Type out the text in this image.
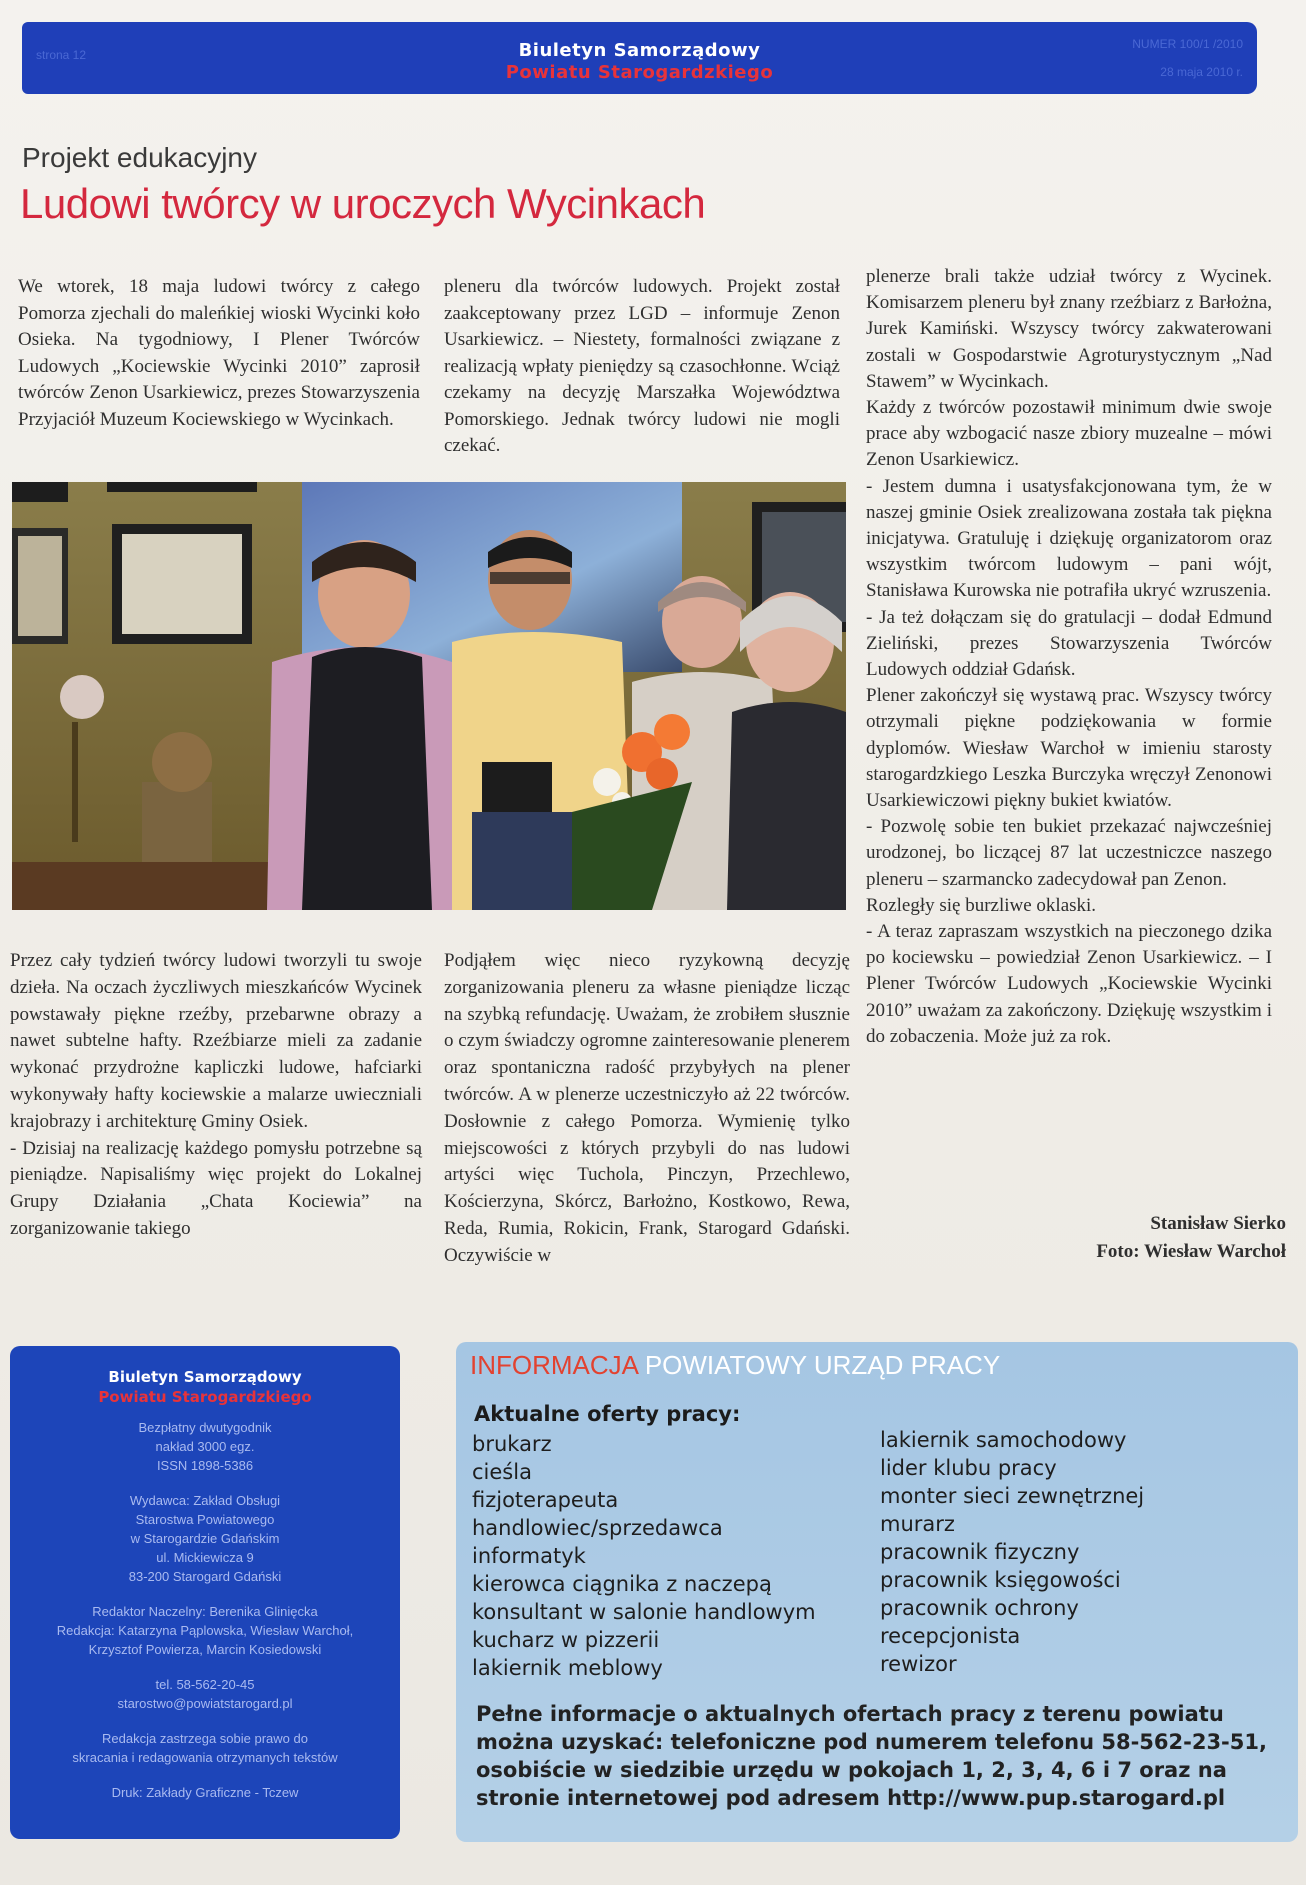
strona 12	Biuletyn Samorządowy
Powiatu Starogardzkiego
NUMER 100/1 /2010
28 maja 2010 r.
Projekt edukacyjny
Ludowi twórcy w uroczych Wycinkach

We wtorek, 18 maja ludowi twórcy z całego Pomorza zjechali do maleńkiej wioski Wycinki koło Osieka. Na tygodniowy, I Plener Twórców Ludowych „Kociewskie Wycinki 2010” zaprosił twórców Zenon Usarkiewicz, prezes Stowarzyszenia Przyjaciół Muzeum Kociewskiego w Wycinkach.

pleneru dla twórców ludowych. Projekt został zaakceptowany przez LGD – informuje Zenon Usarkiewicz. – Niestety, formalności związane z realizacją wpłaty pieniędzy są czasochłonne. Wciąż czekamy na decyzję Marszałka Województwa Pomorskiego. Jednak twórcy ludowi nie mogli czekać.

plenerze brali także udział twórcy z Wycinek. Komisarzem pleneru był znany rzeźbiarz z Barłożna, Jurek Kamiński. Wszyscy twórcy zakwaterowani zostali w Gospodarstwie Agroturystycznym „Nad Stawem” w Wycinkach.
Każdy z twórców pozostawił minimum dwie swoje prace aby wzbogacić nasze zbiory muzealne – mówi Zenon Usarkiewicz.
- Jestem dumna i usatysfakcjonowana tym, że w naszej gminie Osiek zrealizowana została tak piękna inicjatywa. Gratuluję i dziękuję organizatorom oraz wszystkim twórcom ludowym – pani wójt, Stanisława Kurowska nie potrafiła ukryć wzruszenia.
- Ja też dołączam się do gratulacji – dodał Edmund Zieliński, prezes Stowarzyszenia Twórców Ludowych oddział Gdańsk.
Plener zakończył się wystawą prac. Wszyscy twórcy otrzymali piękne podziękowania w formie dyplomów. Wiesław Warchoł w imieniu starosty starogardzkiego Leszka Burczyka wręczył Zenonowi Usarkiewiczowi piękny bukiet kwiatów.
- Pozwolę sobie ten bukiet przekazać najwcześniej urodzonej, bo liczącej 87 lat uczestniczce naszego pleneru – szarmancko zadecydował pan Zenon.
Rozległy się burzliwe oklaski.
- A teraz zapraszam wszystkich na pieczonego dzika po kociewsku – powiedział Zenon Usarkiewicz. – I Plener Twórców Ludowych „Kociewskie Wycinki 2010” uważam za zakończony. Dziękuję wszystkim i do zobaczenia. Może już za rok.

Przez cały tydzień twórcy ludowi tworzyli tu swoje dzieła. Na oczach życzliwych mieszkańców Wycinek powstawały piękne rzeźby, przebarwne obrazy a nawet subtelne hafty. Rzeźbiarze mieli za zadanie wykonać przydrożne kapliczki ludowe, hafciarki wykonywały hafty kociewskie a malarze uwieczniali krajobrazy i architekturę Gminy Osiek.
- Dzisiaj na realizację każdego pomysłu potrzebne są pieniądze. Napisaliśmy więc projekt do Lokalnej Grupy Działania „Chata Kociewia” na zorganizowanie takiego

Podjąłem więc nieco ryzykowną decyzję zorganizowania pleneru za własne pieniądze licząc na szybką refundację. Uważam, że zrobiłem słusznie o czym świadczy ogromne zainteresowanie plenerem oraz spontaniczna radość przybyłych na plener twórców. A w plenerze uczestniczyło aż 22 twórców. Dosłownie z całego Pomorza. Wymienię tylko miejscowości z których przybyli do nas ludowi artyści więc Tuchola, Pinczyn, Przechlewo, Kościerzyna, Skórcz, Barłożno, Kostkowo, Rewa, Reda, Rumia, Rokicin, Frank, Starogard Gdański. Oczywiście w

Stanisław Sierko
Foto: Wiesław Warchoł
Biuletyn Samorządowy
Powiatu Starogardzkiego
Bezpłatny dwutygodnik
nakład 3000 egz.
ISSN 1898-5386
Wydawca: Zakład Obsługi
Starostwa Powiatowego
w Starogardzie Gdańskim
ul. Mickiewicza 9
83-200 Starogard Gdański
Redaktor Naczelny: Berenika Glinięcka
Redakcja: Katarzyna Pąplowska, Wiesław Warchoł,
Krzysztof Powierza, Marcin Kosiedowski
tel. 58-562-20-45
starostwo@powiatstarogard.pl
Redakcja zastrzega sobie prawo do
skracania i redagowania otrzymanych tekstów
Druk: Zakłady Graficzne - Tczew
INFORMACJA POWIATOWY URZĄD PRACY
Aktualne oferty pracy:
brukarz
cieśla
fizjoterapeuta
handlowiec/sprzedawca
informatyk
kierowca ciągnika z naczepą
konsultant w salonie handlowym
kucharz w pizzerii
lakiernik meblowy
lakiernik samochodowy
lider klubu pracy
monter sieci zewnętrznej
murarz
pracownik fizyczny
pracownik księgowości
pracownik ochrony
recepcjonista
rewizor
Pełne informacje o aktualnych ofertach pracy z terenu powiatu można uzyskać: telefoniczne pod numerem telefonu 58-562-23-51, osobiście w siedzibie urzędu w pokojach 1, 2, 3, 4, 6 i 7 oraz na stronie internetowej pod adresem http://www.pup.starogard.pl
